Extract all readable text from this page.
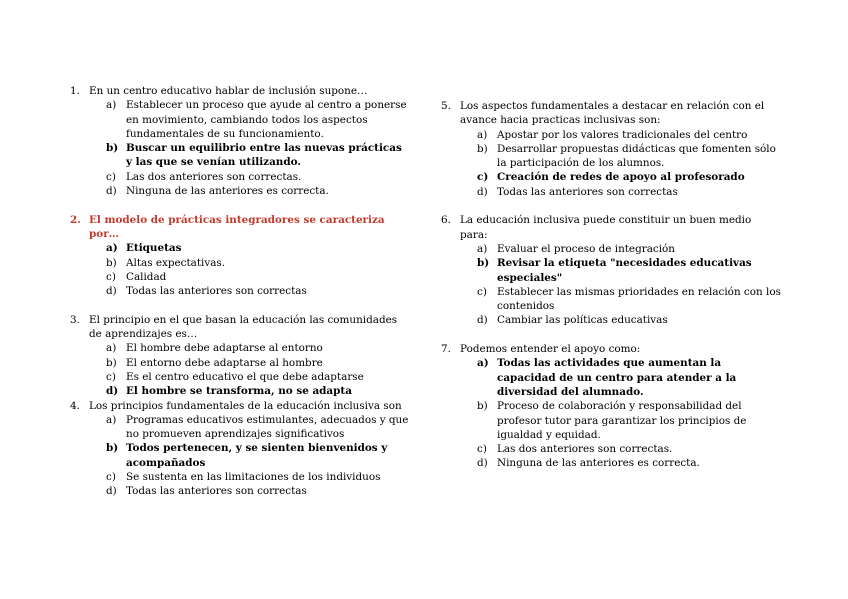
1. En un centro educativo hablar de inclusión supone…
a) Establecer un proceso que ayude al centro a ponerse en movimiento, cambiando todos los aspectos fundamentales de su funcionamiento.
b) Buscar un equilibrio entre las nuevas prácticas y las que se venían utilizando.
c) Las dos anteriores son correctas.
d) Ninguna de las anteriores es correcta.
2. El modelo de prácticas integradores se caracteriza por…
a) Etiquetas
b) Altas expectativas.
c) Calidad
d) Todas las anteriores son correctas
3. El principio en el que basan la educación las comunidades de aprendizajes es…
a) El hombre debe adaptarse al entorno
b) El entorno debe adaptarse al hombre
c) Es el centro educativo el que debe adaptarse
d) El hombre se transforma, no se adapta
4. Los principios fundamentales de la educación inclusiva son
a) Programas educativos estimulantes, adecuados y que no promueven aprendizajes significativos
b) Todos pertenecen, y se sienten bienvenidos y acompañados
c) Se sustenta en las limitaciones de los individuos
d) Todas las anteriores son correctas
5. Los aspectos fundamentales a destacar en relación con el avance hacia practicas inclusivas son:
a) Apostar por los valores tradicionales del centro
b) Desarrollar propuestas didácticas que fomenten sólo la participación de los alumnos.
c) Creación de redes de apoyo al profesorado
d) Todas las anteriores son correctas
6. La educación inclusiva puede constituir un buen medio para:
a) Evaluar el proceso de integración
b) Revisar la etiqueta "necesidades educativas especiales"
c) Establecer las mismas prioridades en relación con los contenidos
d) Cambiar las políticas educativas
7. Podemos entender el apoyo como:
a) Todas las actividades que aumentan la capacidad de un centro para atender a la diversidad del alumnado.
b) Proceso de colaboración y responsabilidad del profesor tutor para garantizar los principios de igualdad y equidad.
c) Las dos anteriores son correctas.
d) Ninguna de las anteriores es correcta.
